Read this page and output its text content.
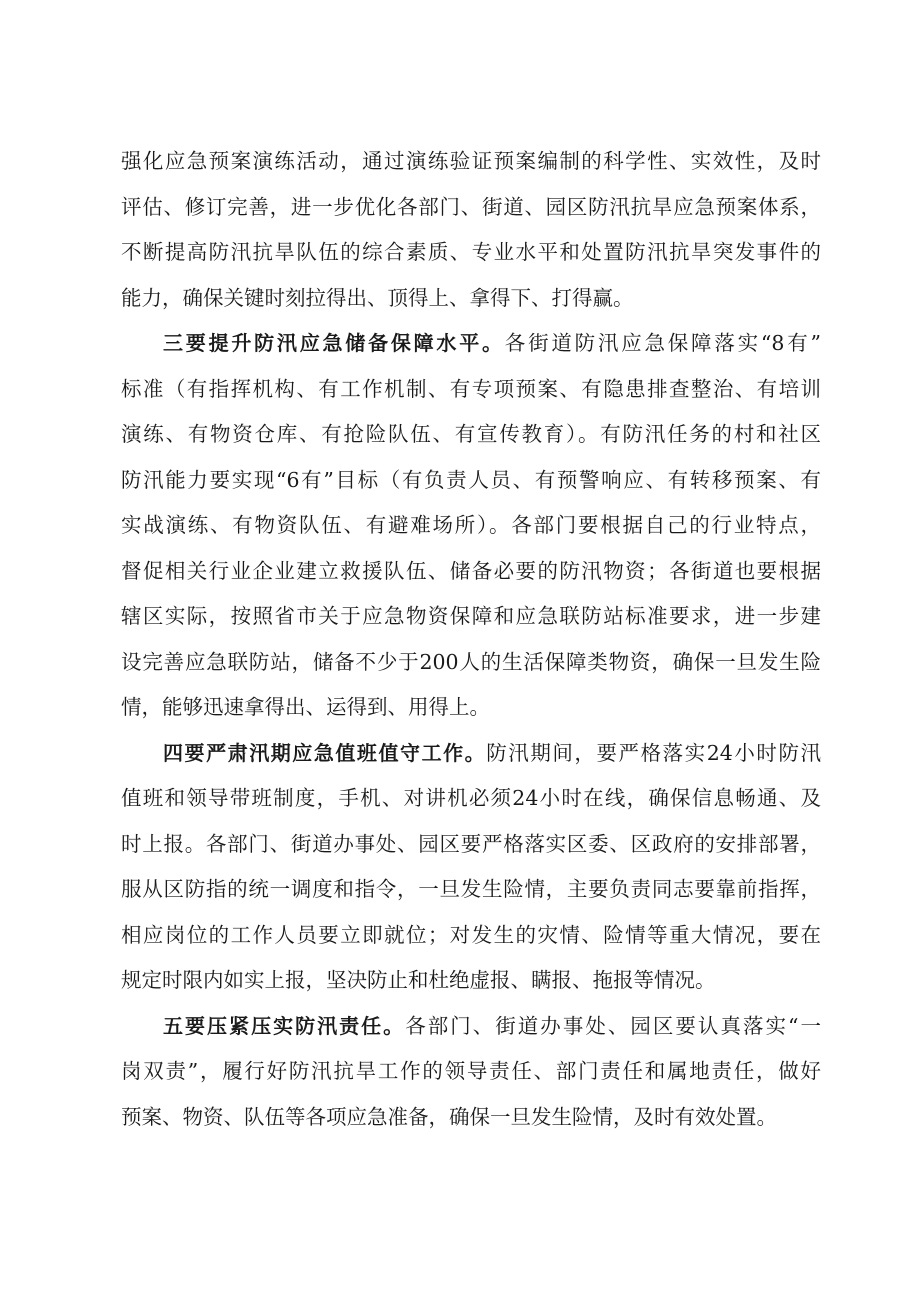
强化应急预案演练活动，通过演练验证预案编制的科学性、实效性，及时
评估、修订完善，进一步优化各部门、街道、园区防汛抗旱应急预案体系，
不断提高防汛抗旱队伍的综合素质、专业水平和处置防汛抗旱突发事件的
能力，确保关键时刻拉得出、顶得上、拿得下、打得赢。
三要提升防汛应急储备保障水平。各街道防汛应急保障落实“8有”
标准（有指挥机构、有工作机制、有专项预案、有隐患排查整治、有培训
演练、有物资仓库、有抢险队伍、有宣传教育）。有防汛任务的村和社区
防汛能力要实现“6有”目标（有负责人员、有预警响应、有转移预案、有
实战演练、有物资队伍、有避难场所）。各部门要根据自己的行业特点，
督促相关行业企业建立救援队伍、储备必要的防汛物资；各街道也要根据
辖区实际，按照省市关于应急物资保障和应急联防站标准要求，进一步建
设完善应急联防站，储备不少于200人的生活保障类物资，确保一旦发生险
情，能够迅速拿得出、运得到、用得上。
四要严肃汛期应急值班值守工作。防汛期间，要严格落实24小时防汛
值班和领导带班制度，手机、对讲机必须24小时在线，确保信息畅通、及
时上报。各部门、街道办事处、园区要严格落实区委、区政府的安排部署，
服从区防指的统一调度和指令，一旦发生险情，主要负责同志要靠前指挥，
相应岗位的工作人员要立即就位；对发生的灾情、险情等重大情况，要在
规定时限内如实上报，坚决防止和杜绝虚报、瞒报、拖报等情况。
五要压紧压实防汛责任。各部门、街道办事处、园区要认真落实“一
岗双责”，履行好防汛抗旱工作的领导责任、部门责任和属地责任，做好
预案、物资、队伍等各项应急准备，确保一旦发生险情，及时有效处置。
